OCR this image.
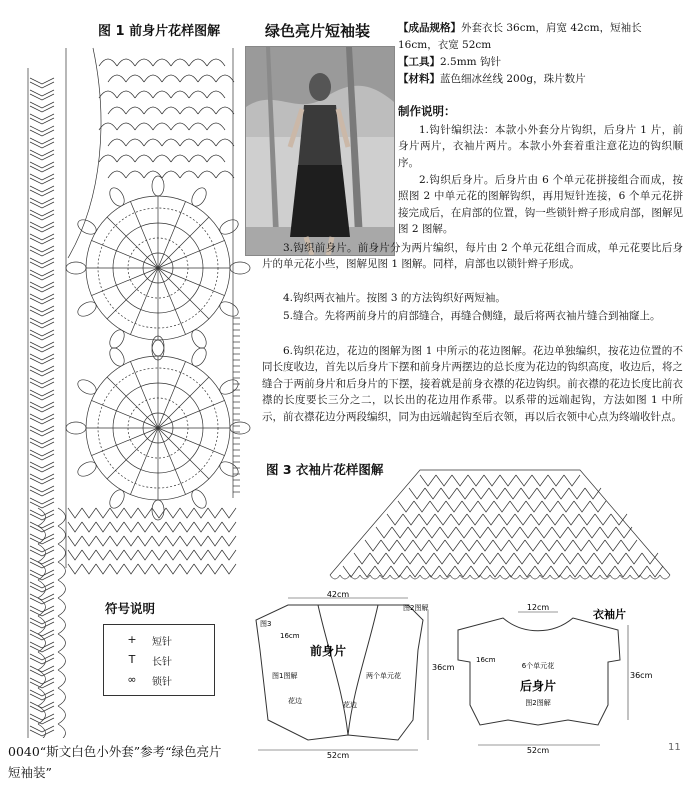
图 1 前身片花样图解	绿色亮片短袖装	【成品规格】外套衣长 36cm，肩宽 42cm，短袖长 16cm，衣宽 52cm
【工具】2.5mm 钩针
【材料】蓝色细冰丝线 200g，珠片数片
制作说明：
1.钩针编织法：本款小外套分片钩织，后身片 1 片，前身片两片，衣袖片两片。本款小外套着重注意花边的钩织顺序。
2.钩织后身片。后身片由 6 个单元花拼接组合而成，按照图 2 中单元花的图解钩织，再用短针连接，6 个单元花拼接完成后，在肩部的位置，钩一些锁针辫子形成肩部，图解见图 2 图解。
3.钩织前身片。前身片分为两片编织，每片由 2 个单元花组合而成，单元花要比后身片的单元花小些，图解见图 1 图解。同样，肩部也以锁针辫子形成。
4.钩织两衣袖片。按图 3 的方法钩织好两短袖。
5.缝合。先将两前身片的肩部缝合，再缝合侧缝，最后将两衣袖片缝合到袖窿上。
6.钩织花边，花边的图解为图 1 中所示的花边图解。花边单独编织，按花边位置的不同长度收边，首先以后身片下摆和前身片两摆边的总长度为花边的钩织高度，收边后，将之缝合于两前身片和后身片的下摆，接着就是前身衣襟的花边钩织。前衣襟的花边长度比前衣襟的长度要长三分之二，以长出的花边用作系带。以系带的远端起钩，方法如图 1 中所示，前衣襟花边分两段编织，同为由远端起钩至后衣领，再以后衣领中心点为终端收针点。
图 3 衣袖片花样图解
符号说明
+	短针
T	长针
∞	锁针
42cm
52cm
36cm
16cm
图3
图2图解
图1图解
前身片
两个单元花
花边	花边
12cm
52cm
36cm
16cm
6个单元花
后身片
图2图解
衣袖片
0040“斯文白色小外套”参考“绿色亮片
短袖装”
11
